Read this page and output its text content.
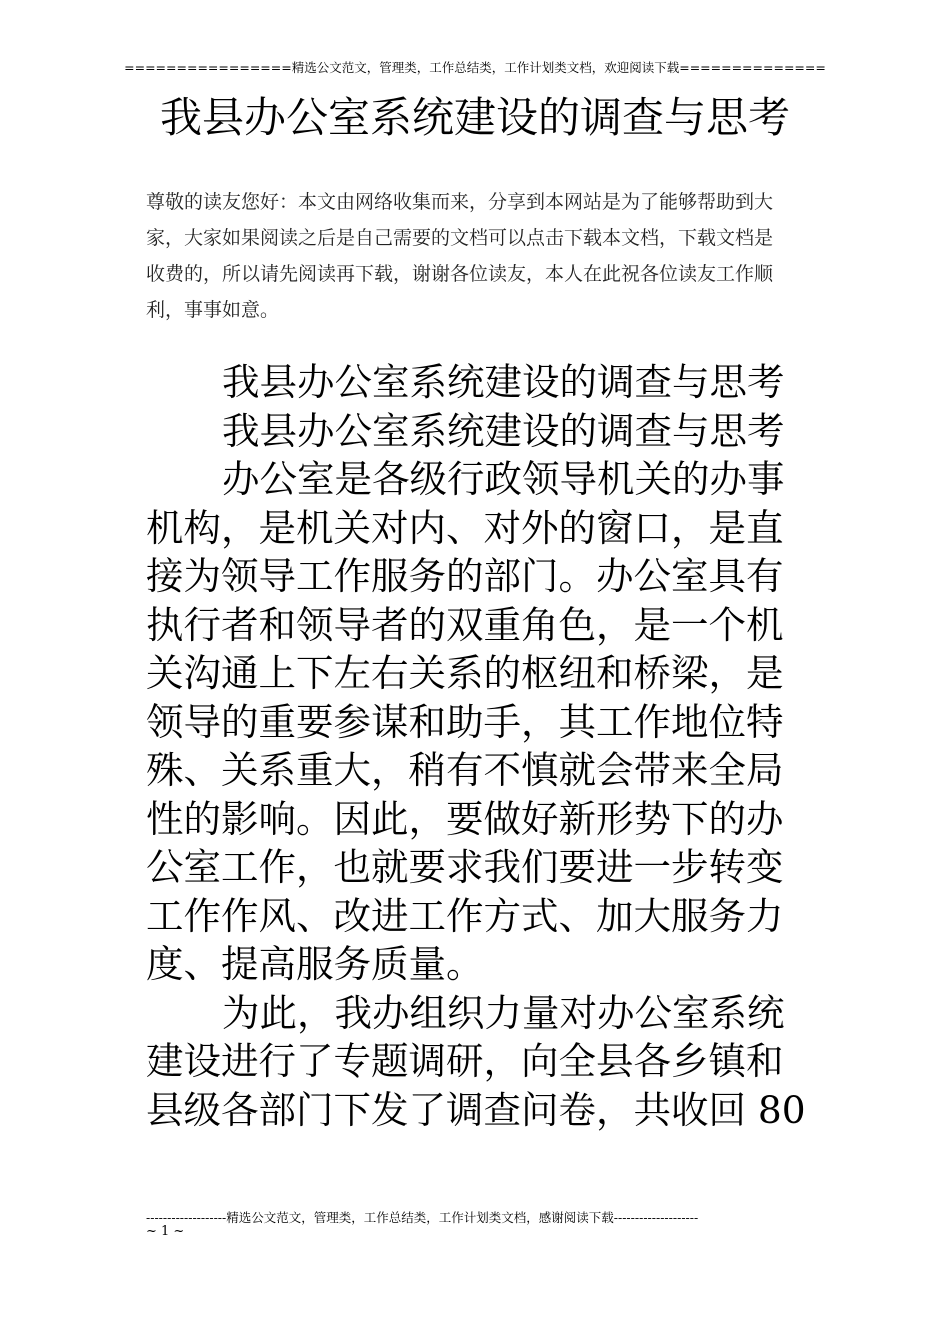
================精选公文范文，管理类，工作总结类，工作计划类文档，欢迎阅读下载==============
我县办公室系统建设的调查与思考
尊敬的读友您好：本文由网络收集而来，分享到本网站是为了能够帮助到大
家，大家如果阅读之后是自己需要的文档可以点击下载本文档，下载文档是
收费的，所以请先阅读再下载，谢谢各位读友，本人在此祝各位读友工作顺
利，事事如意。
我县办公室系统建设的调查与思考
我县办公室系统建设的调查与思考
办公室是各级行政领导机关的办事
机构，是机关对内、对外的窗口，是直
接为领导工作服务的部门。办公室具有
执行者和领导者的双重角色，是一个机
关沟通上下左右关系的枢纽和桥梁，是
领导的重要参谋和助手，其工作地位特
殊、关系重大，稍有不慎就会带来全局
性的影响。因此，要做好新形势下的办
公室工作，也就要求我们要进一步转变
工作作风、改进工作方式、加大服务力
度、提高服务质量。
为此，我办组织力量对办公室系统
建设进行了专题调研，向全县各乡镇和
县级各部门下发了调查问卷，共收回 80
-------------------精选公文范文，管理类，工作总结类，工作计划类文档，感谢阅读下载--------------------
~ 1 ~
